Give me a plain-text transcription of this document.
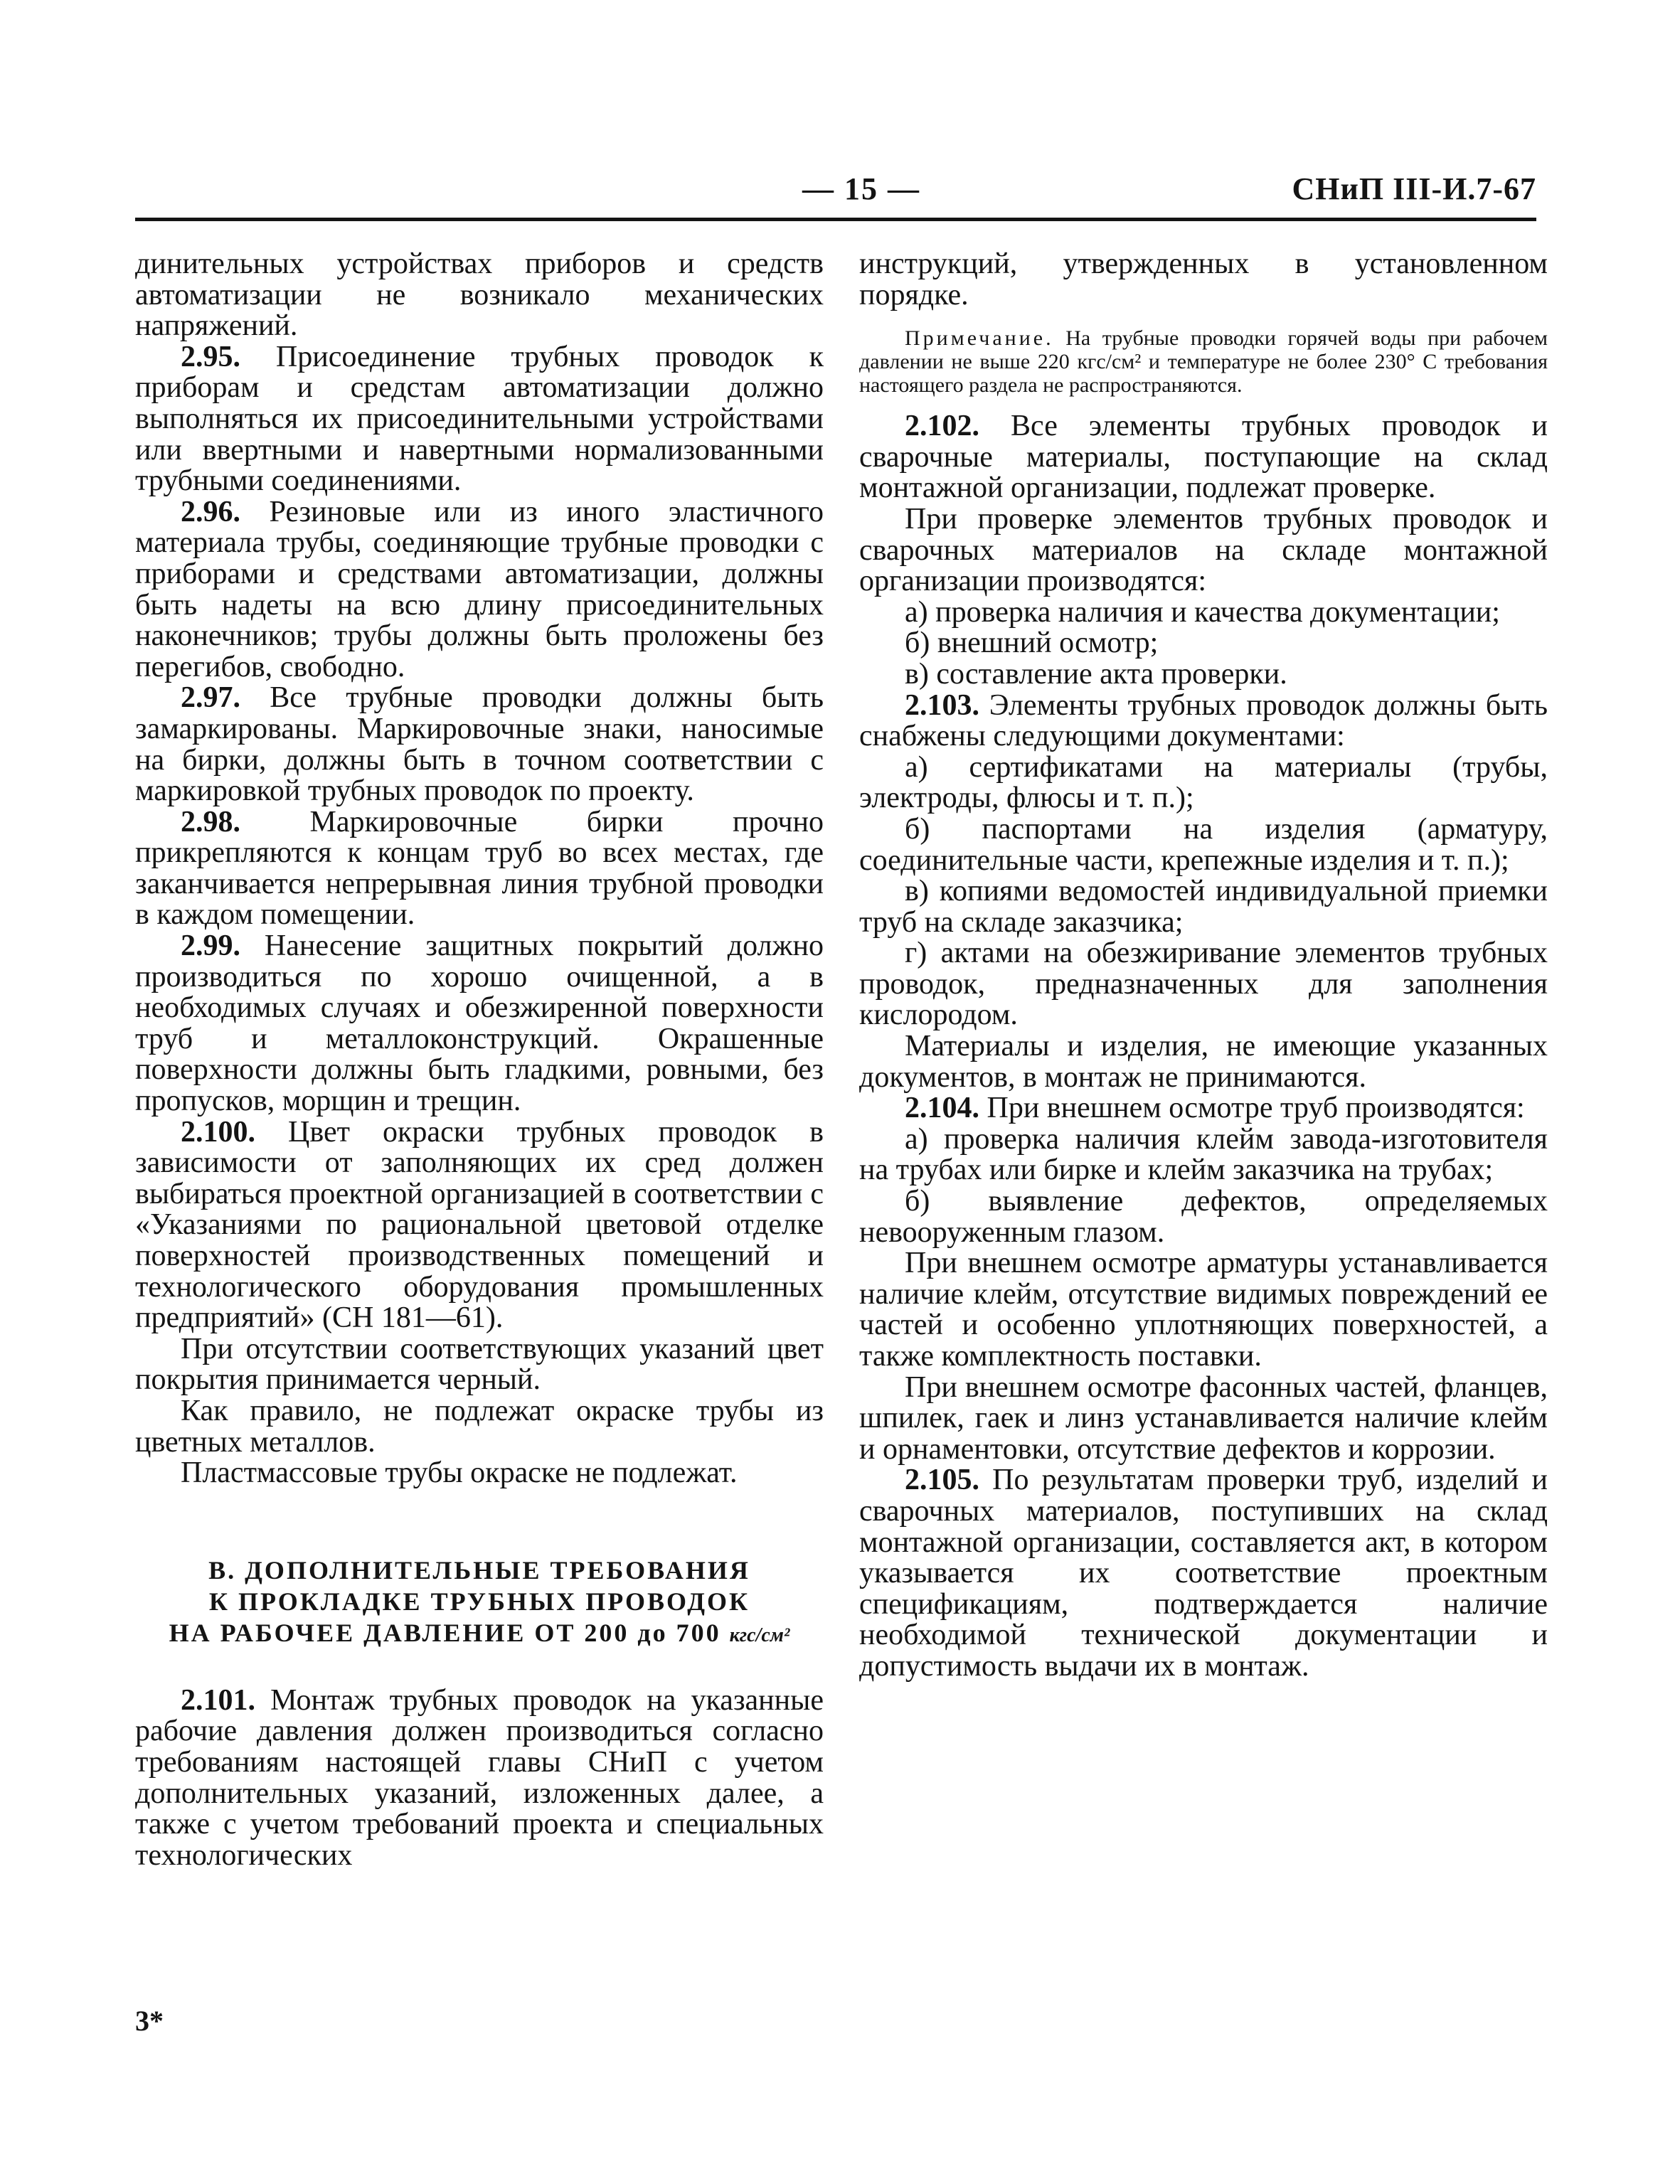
— 15 —	СНиП III-И.7-67

динительных устройствах приборов и средств автоматизации не возникало механических напряжений.

2.95. Присоединение трубных проводок к приборам и средстам автоматизации должно выполняться их присоединительными устройствами или ввертными и навертными нормализованными трубными соединениями.

2.96. Резиновые или из иного эластичного материала трубы, соединяющие трубные проводки с приборами и средствами автоматизации, должны быть надеты на всю длину присоединительных наконечников; трубы должны быть проложены без перегибов, свободно.

2.97. Все трубные проводки должны быть замаркированы. Маркировочные знаки, наносимые на бирки, должны быть в точном соответствии с маркировкой трубных проводок по проекту.

2.98. Маркировочные бирки прочно прикрепляются к концам труб во всех местах, где заканчивается непрерывная линия трубной проводки в каждом помещении.

2.99. Нанесение защитных покрытий должно производиться по хорошо очищенной, а в необходимых случаях и обезжиренной поверхности труб и металлоконструкций. Окрашенные поверхности должны быть гладкими, ровными, без пропусков, морщин и трещин.

2.100. Цвет окраски трубных проводок в зависимости от заполняющих их сред должен выбираться проектной организацией в соответствии с «Указаниями по рациональной цветовой отделке поверхностей производственных помещений и технологического оборудования промышленных предприятий» (СН 181—61).

При отсутствии соответствующих указаний цвет покрытия принимается черный.

Как правило, не подлежат окраске трубы из цветных металлов.

Пластмассовые трубы окраске не подлежат.

В. ДОПОЛНИТЕЛЬНЫЕ ТРЕБОВАНИЯ
К ПРОКЛАДКЕ ТРУБНЫХ ПРОВОДОК
НА РАБОЧЕЕ ДАВЛЕНИЕ ОТ 200 до 700 кгс/см²

2.101. Монтаж трубных проводок на указанные рабочие давления должен производиться согласно требованиям настоящей главы СНиП с учетом дополнительных указаний, изложенных далее, а также с учетом требований проекта и специальных технологических

3*

инструкций, утвержденных в установленном порядке.

Примечание. На трубные проводки горячей воды при рабочем давлении не выше 220 кгс/см² и температуре не более 230° С требования настоящего раздела не распространяются.

2.102. Все элементы трубных проводок и сварочные материалы, поступающие на склад монтажной организации, подлежат проверке.

При проверке элементов трубных проводок и сварочных материалов на складе монтажной организации производятся:

а) проверка наличия и качества документации;

б) внешний осмотр;

в) составление акта проверки.

2.103. Элементы трубных проводок должны быть снабжены следующими документами:

а) сертификатами на материалы (трубы, электроды, флюсы и т. п.);

б) паспортами на изделия (арматуру, соединительные части, крепежные изделия и т. п.);

в) копиями ведомостей индивидуальной приемки труб на складе заказчика;

г) актами на обезжиривание элементов трубных проводок, предназначенных для заполнения кислородом.

Материалы и изделия, не имеющие указанных документов, в монтаж не принимаются.

2.104. При внешнем осмотре труб производятся:

а) проверка наличия клейм завода-изготовителя на трубах или бирке и клейм заказчика на трубах;

б) выявление дефектов, определяемых невооруженным глазом.

При внешнем осмотре арматуры устанавливается наличие клейм, отсутствие видимых повреждений ее частей и особенно уплотняющих поверхностей, а также комплектность поставки.

При внешнем осмотре фасонных частей, фланцев, шпилек, гаек и линз устанавливается наличие клейм и орнаментовки, отсутствие дефектов и коррозии.

2.105. По результатам проверки труб, изделий и сварочных материалов, поступивших на склад монтажной организации, составляется акт, в котором указывается их соответствие проектным спецификациям, подтверждается наличие необходимой технической документации и допустимость выдачи их в монтаж.
